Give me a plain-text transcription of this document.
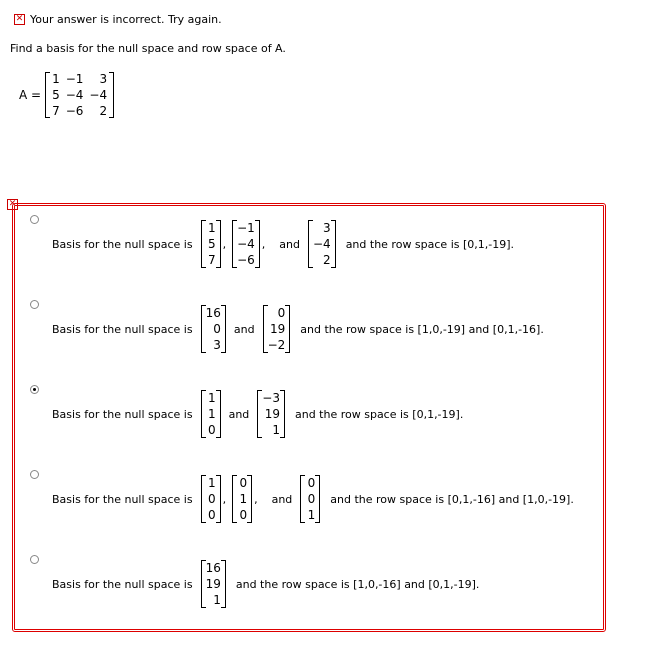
✕ Your answer is incorrect. Try again.
Find a basis for the null space and row space of A.
A =
1	−1	3
5	−4	−4
7	−6	2
✕
Basis for the null space is
1
5
7
,
−1
−4
−6
, and
3
−4
2
and the row space is [0,1,-19].
Basis for the null space is
16
0
3
and
0
19
−2
and the row space is [1,0,-19] and [0,1,-16].
Basis for the null space is
1
1
0
and
−3
19
1
and the row space is [0,1,-19].
Basis for the null space is
1
0
0
,
0
1
0
, and
0
0
1
and the row space is [0,1,-16] and [1,0,-19].
Basis for the null space is
16
19
1
and the row space is [1,0,-16] and [0,1,-19].
